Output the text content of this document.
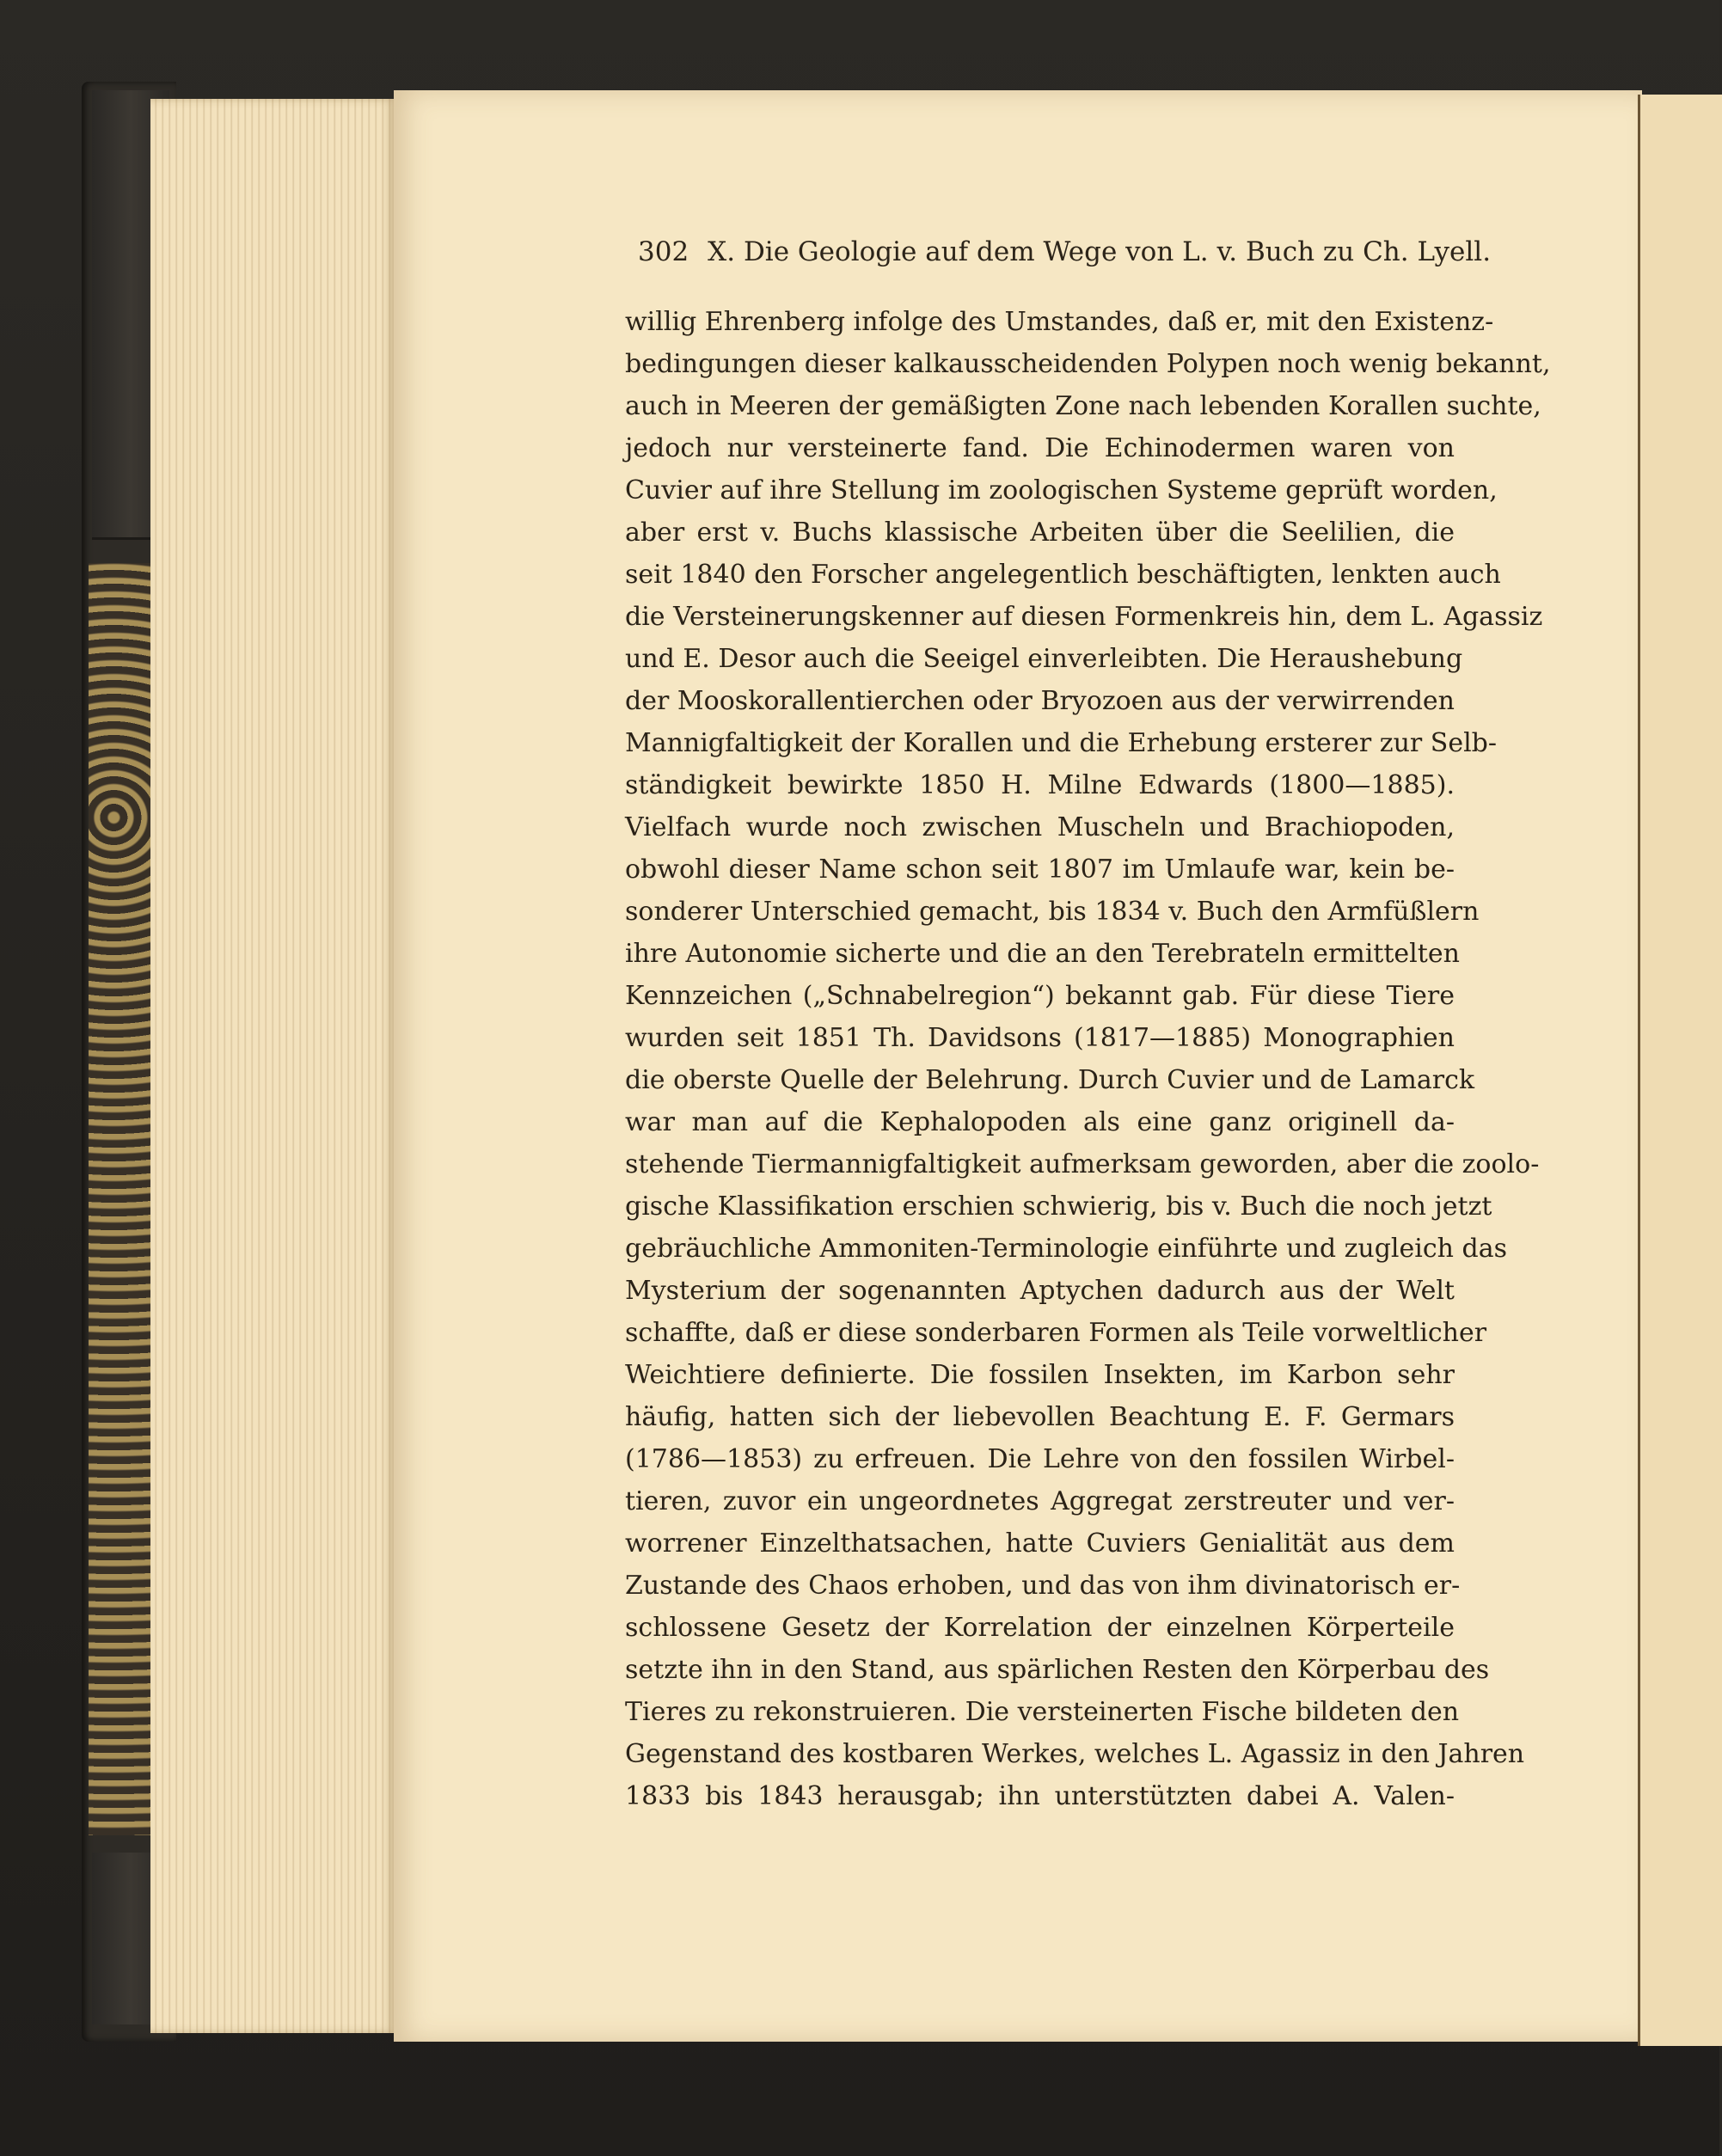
302 X. Die Geologie auf dem Wege von L. v. Buch zu Ch. Lyell.
willig Ehrenberg infolge des Umstandes, daß er, mit den Existenz-
bedingungen dieser kalkausscheidenden Polypen noch wenig bekannt,
auch in Meeren der gemäßigten Zone nach lebenden Korallen suchte,
jedoch nur versteinerte fand. Die Echinodermen waren von
Cuvier auf ihre Stellung im zoologischen Systeme geprüft worden,
aber erst v. Buchs klassische Arbeiten über die Seelilien, die
seit 1840 den Forscher angelegentlich beschäftigten, lenkten auch
die Versteinerungskenner auf diesen Formenkreis hin, dem L. Agassiz
und E. Desor auch die Seeigel einverleibten. Die Heraushebung
der Mooskorallentierchen oder Bryozoen aus der verwirrenden
Mannigfaltigkeit der Korallen und die Erhebung ersterer zur Selb-
ständigkeit bewirkte 1850 H. Milne Edwards (1800—1885).
Vielfach wurde noch zwischen Muscheln und Brachiopoden,
obwohl dieser Name schon seit 1807 im Umlaufe war, kein be-
sonderer Unterschied gemacht, bis 1834 v. Buch den Armfüßlern
ihre Autonomie sicherte und die an den Terebrateln ermittelten
Kennzeichen („Schnabelregion“) bekannt gab. Für diese Tiere
wurden seit 1851 Th. Davidsons (1817—1885) Monographien
die oberste Quelle der Belehrung. Durch Cuvier und de Lamarck
war man auf die Kephalopoden als eine ganz originell da-
stehende Tiermannigfaltigkeit aufmerksam geworden, aber die zoolo-
gische Klassifikation erschien schwierig, bis v. Buch die noch jetzt
gebräuchliche Ammoniten-Terminologie einführte und zugleich das
Mysterium der sogenannten Aptychen dadurch aus der Welt
schaffte, daß er diese sonderbaren Formen als Teile vorweltlicher
Weichtiere definierte. Die fossilen Insekten, im Karbon sehr
häufig, hatten sich der liebevollen Beachtung E. F. Germars
(1786—1853) zu erfreuen. Die Lehre von den fossilen Wirbel-
tieren, zuvor ein ungeordnetes Aggregat zerstreuter und ver-
worrener Einzelthatsachen, hatte Cuviers Genialität aus dem
Zustande des Chaos erhoben, und das von ihm divinatorisch er-
schlossene Gesetz der Korrelation der einzelnen Körperteile
setzte ihn in den Stand, aus spärlichen Resten den Körperbau des
Tieres zu rekonstruieren. Die versteinerten Fische bildeten den
Gegenstand des kostbaren Werkes, welches L. Agassiz in den Jahren
1833 bis 1843 herausgab; ihn unterstützten dabei A. Valen-
